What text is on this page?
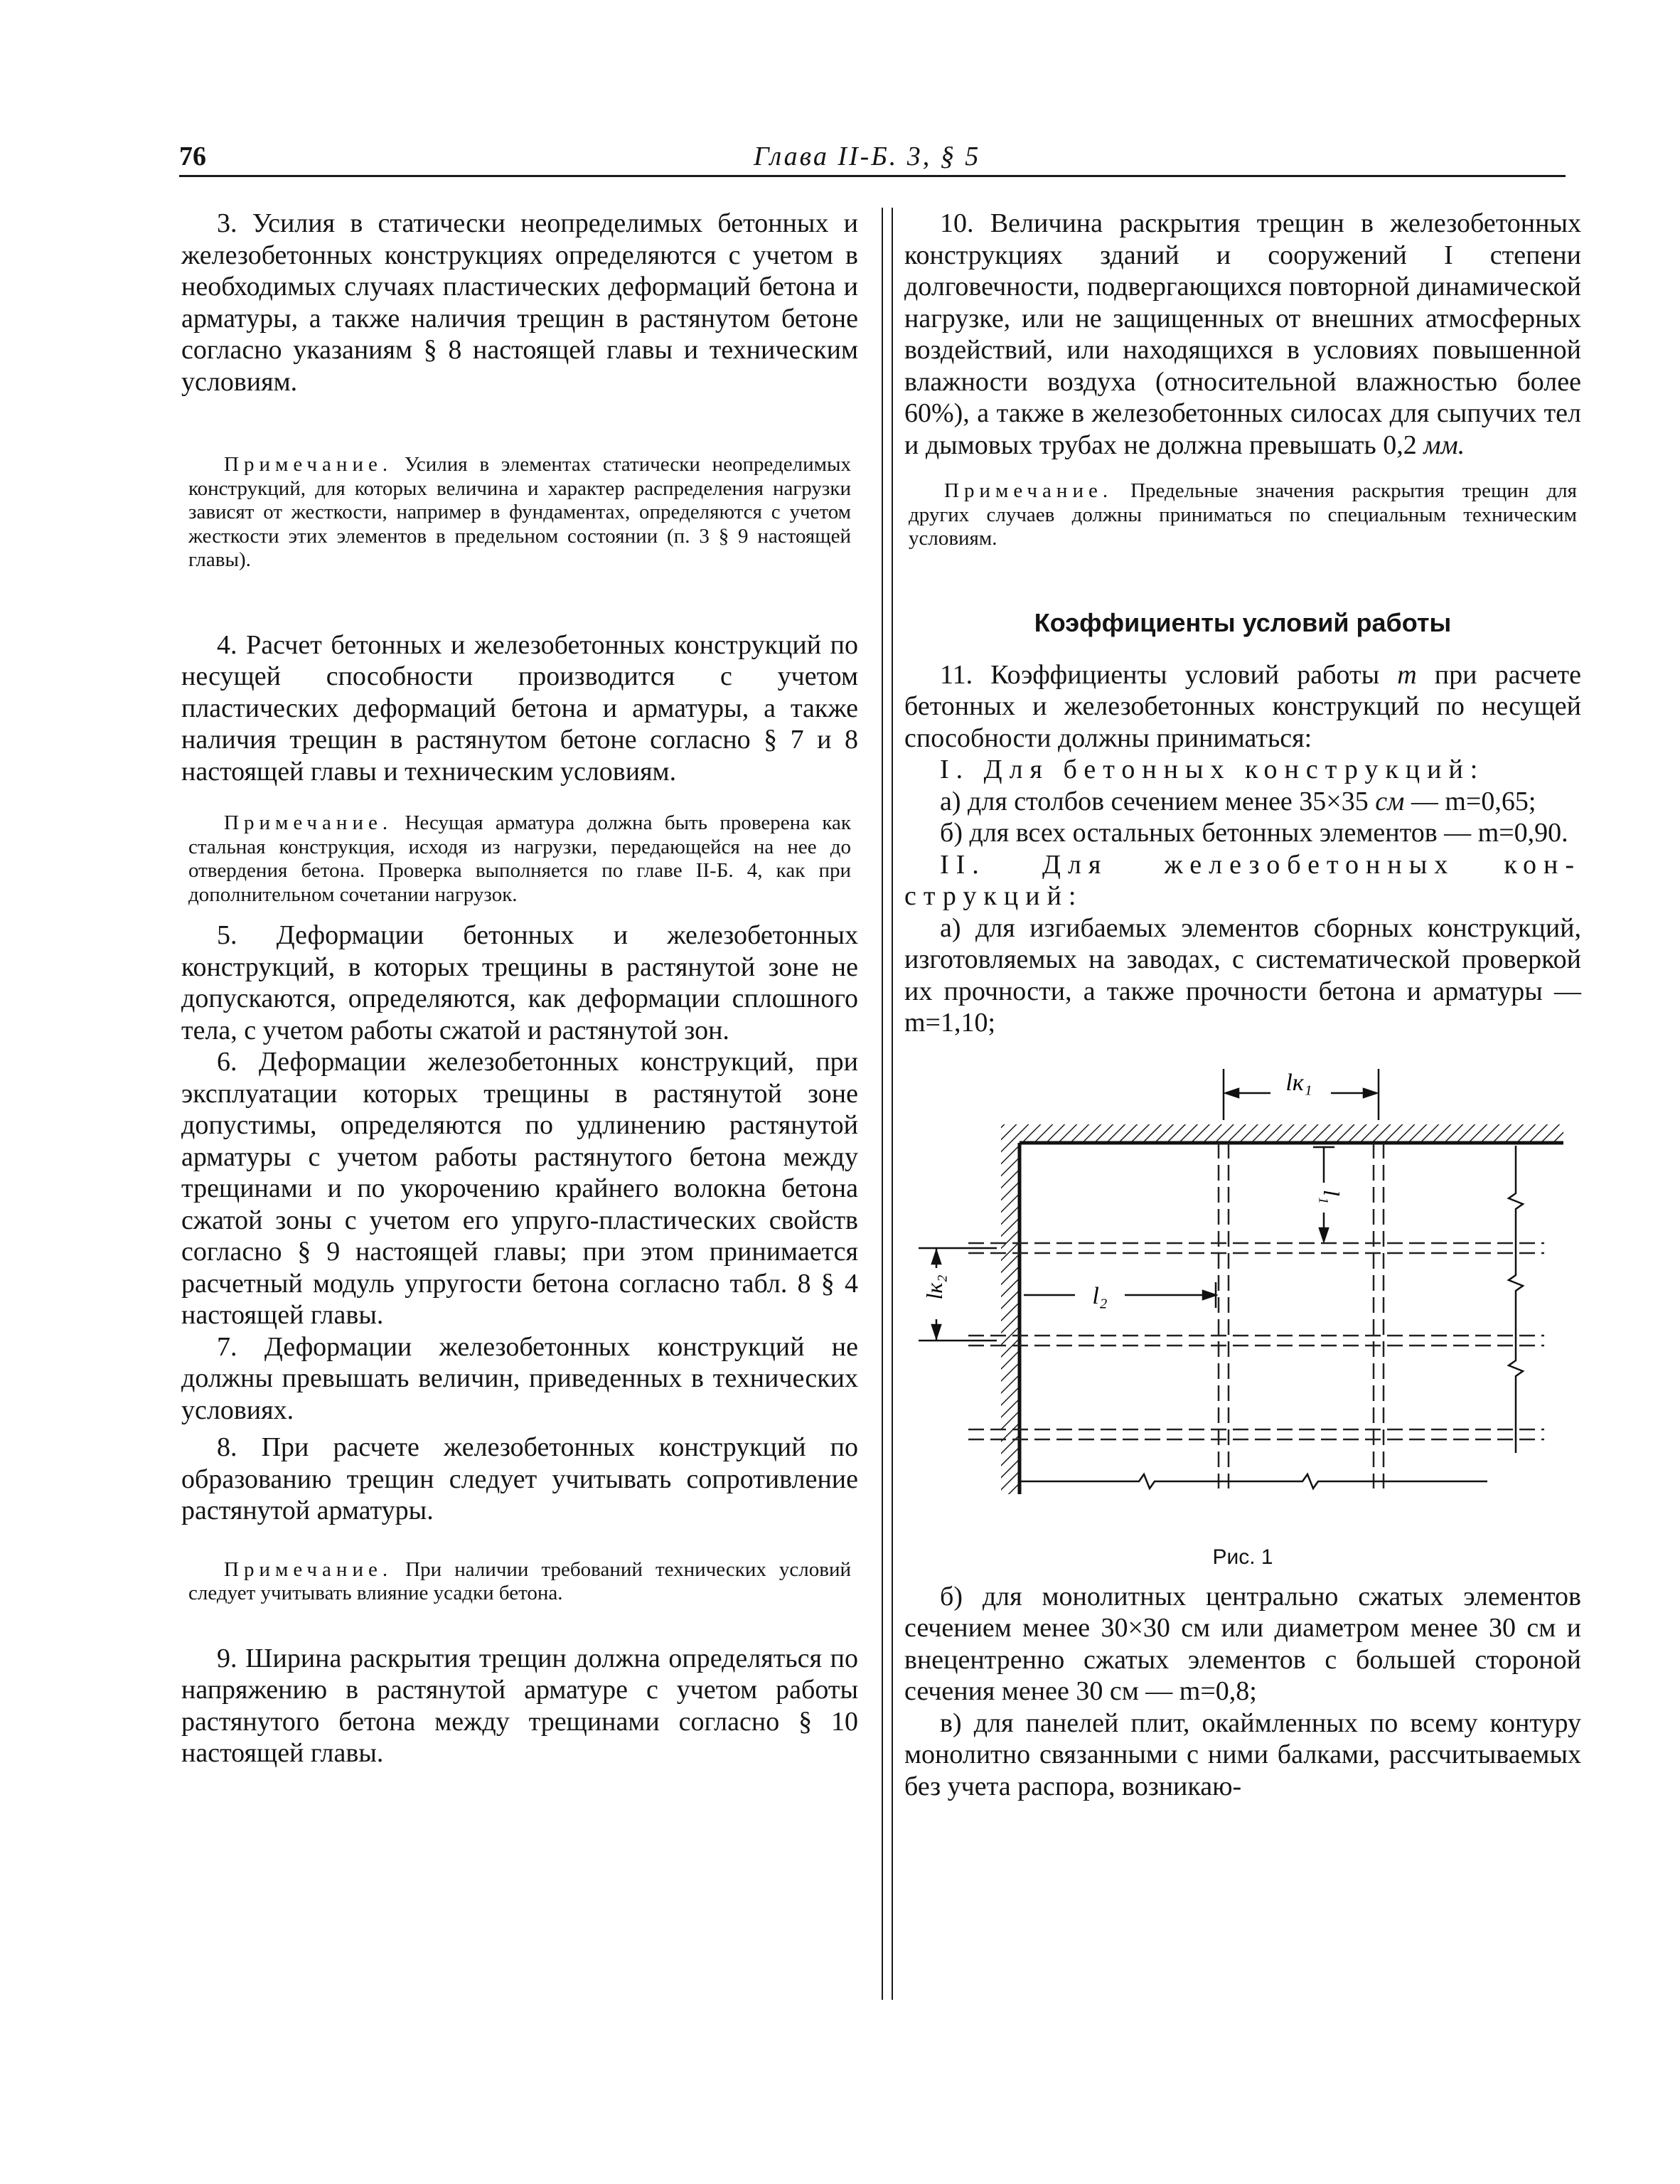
76	Глава II-Б. 3, § 5

3. Усилия в статически неопределимых бетонных и железобетонных конструкциях определяются с учетом в необходимых случаях пластических деформаций бетона и арматуры, а также наличия трещин в растянутом бетоне согласно указаниям § 8 настоящей главы и техническим условиям.

Примечание. Усилия в элементах статически неопределимых конструкций, для которых величина и характер распределения нагрузки зависят от жесткости, например в фундаментах, определяются с учетом жесткости этих элементов в предельном состоянии (п. 3 § 9 настоящей главы).

4. Расчет бетонных и железобетонных конструкций по несущей способности производится с учетом пластических деформаций бетона и арматуры, а также наличия трещин в растянутом бетоне согласно § 7 и 8 настоящей главы и техническим условиям.

Примечание. Несущая арматура должна быть проверена как стальная конструкция, исходя из нагрузки, передающейся на нее до отвердения бетона. Проверка выполняется по главе II-Б. 4, как при дополнительном сочетании нагрузок.

5. Деформации бетонных и железобетонных конструкций, в которых трещины в растянутой зоне не допускаются, определяются, как деформации сплошного тела, с учетом работы сжатой и растянутой зон.

6. Деформации железобетонных конструкций, при эксплуатации которых трещины в растянутой зоне допустимы, определяются по удлинению растянутой арматуры с учетом работы растянутого бетона между трещинами и по укорочению крайнего волокна бетона сжатой зоны с учетом его упруго-пластических свойств согласно § 9 настоящей главы; при этом принимается расчетный модуль упругости бетона согласно табл. 8 § 4 настоящей главы.

7. Деформации железобетонных конструкций не должны превышать величин, приведенных в технических условиях.

8. При расчете железобетонных конструкций по образованию трещин следует учитывать сопротивление растянутой арматуры.

Примечание. При наличии требований технических условий следует учитывать влияние усадки бетона.

9. Ширина раскрытия трещин должна определяться по напряжению в растянутой арматуре с учетом работы растянутого бетона между трещинами согласно § 10 настоящей главы.

10. Величина раскрытия трещин в железобетонных конструкциях зданий и сооружений I степени долговечности, подвергающихся повторной динамической нагрузке, или не защищенных от внешних атмосферных воздействий, или находящихся в условиях повышенной влажности воздуха (относительной влажностью более 60%), а также в железобетонных силосах для сыпучих тел и дымовых трубах не должна превышать 0,2 мм.

Примечание. Предельные значения раскрытия трещин для других случаев должны приниматься по специальным техническим условиям.

Коэффициенты условий работы

11. Коэффициенты условий работы m при расчете бетонных и железобетонных конструкций по несущей способности должны приниматься:

I. Для бетонных конструкций:

а) для столбов сечением менее 35×35 см — m=0,65;

б) для всех остальных бетонных элементов — m=0,90.

II. Для железобетонных кон- струкций:

а) для изгибаемых элементов сборных конструкций, изготовляемых на заводах, с систематической проверкой их прочности, а также прочности бетона и арматуры — m=1,10;

lк₁
l₁
lк₂	l₂
Рис. 1

б) для монолитных центрально сжатых элементов сечением менее 30×30 см или диаметром менее 30 см и внецентренно сжатых элементов с большей стороной сечения менее 30 см — m=0,8;

в) для панелей плит, окаймленных по всему контуру монолитно связанными с ними балками, рассчитываемых без учета распора, возникаю-
